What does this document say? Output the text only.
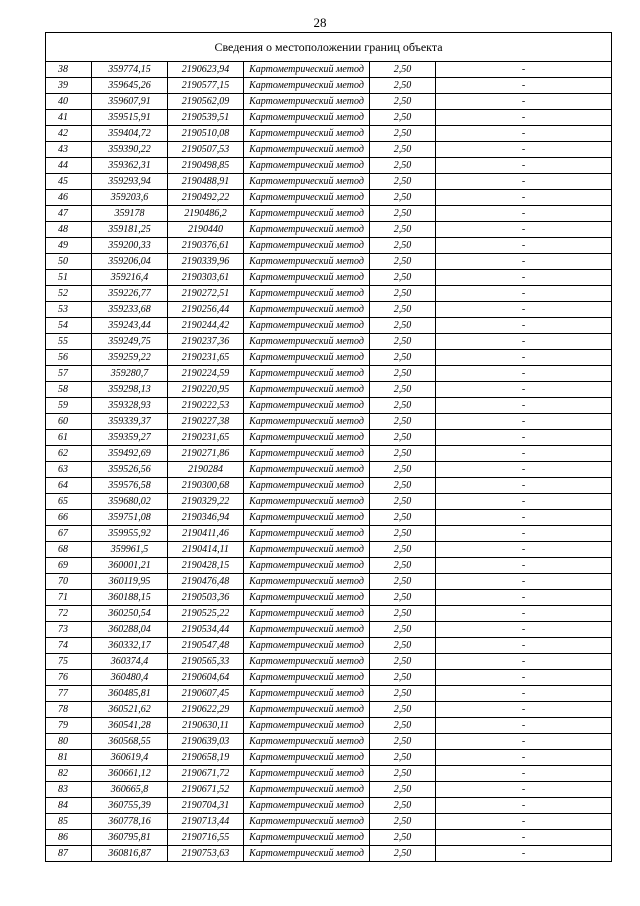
28
Сведения о местоположении границ объекта					
38	359774,15	2190623,94	Картометрический метод	2,50	-
39	359645,26	2190577,15	Картометрический метод	2,50	-
40	359607,91	2190562,09	Картометрический метод	2,50	-
41	359515,91	2190539,51	Картометрический метод	2,50	-
42	359404,72	2190510,08	Картометрический метод	2,50	-
43	359390,22	2190507,53	Картометрический метод	2,50	-
44	359362,31	2190498,85	Картометрический метод	2,50	-
45	359293,94	2190488,91	Картометрический метод	2,50	-
46	359203,6	2190492,22	Картометрический метод	2,50	-
47	359178	2190486,2	Картометрический метод	2,50	-
48	359181,25	2190440	Картометрический метод	2,50	-
49	359200,33	2190376,61	Картометрический метод	2,50	-
50	359206,04	2190339,96	Картометрический метод	2,50	-
51	359216,4	2190303,61	Картометрический метод	2,50	-
52	359226,77	2190272,51	Картометрический метод	2,50	-
53	359233,68	2190256,44	Картометрический метод	2,50	-
54	359243,44	2190244,42	Картометрический метод	2,50	-
55	359249,75	2190237,36	Картометрический метод	2,50	-
56	359259,22	2190231,65	Картометрический метод	2,50	-
57	359280,7	2190224,59	Картометрический метод	2,50	-
58	359298,13	2190220,95	Картометрический метод	2,50	-
59	359328,93	2190222,53	Картометрический метод	2,50	-
60	359339,37	2190227,38	Картометрический метод	2,50	-
61	359359,27	2190231,65	Картометрический метод	2,50	-
62	359492,69	2190271,86	Картометрический метод	2,50	-
63	359526,56	2190284	Картометрический метод	2,50	-
64	359576,58	2190300,68	Картометрический метод	2,50	-
65	359680,02	2190329,22	Картометрический метод	2,50	-
66	359751,08	2190346,94	Картометрический метод	2,50	-
67	359955,92	2190411,46	Картометрический метод	2,50	-
68	359961,5	2190414,11	Картометрический метод	2,50	-
69	360001,21	2190428,15	Картометрический метод	2,50	-
70	360119,95	2190476,48	Картометрический метод	2,50	-
71	360188,15	2190503,36	Картометрический метод	2,50	-
72	360250,54	2190525,22	Картометрический метод	2,50	-
73	360288,04	2190534,44	Картометрический метод	2,50	-
74	360332,17	2190547,48	Картометрический метод	2,50	-
75	360374,4	2190565,33	Картометрический метод	2,50	-
76	360480,4	2190604,64	Картометрический метод	2,50	-
77	360485,81	2190607,45	Картометрический метод	2,50	-
78	360521,62	2190622,29	Картометрический метод	2,50	-
79	360541,28	2190630,11	Картометрический метод	2,50	-
80	360568,55	2190639,03	Картометрический метод	2,50	-
81	360619,4	2190658,19	Картометрический метод	2,50	-
82	360661,12	2190671,72	Картометрический метод	2,50	-
83	360665,8	2190671,52	Картометрический метод	2,50	-
84	360755,39	2190704,31	Картометрический метод	2,50	-
85	360778,16	2190713,44	Картометрический метод	2,50	-
86	360795,81	2190716,55	Картометрический метод	2,50	-
87	360816,87	2190753,63	Картометрический метод	2,50	-
